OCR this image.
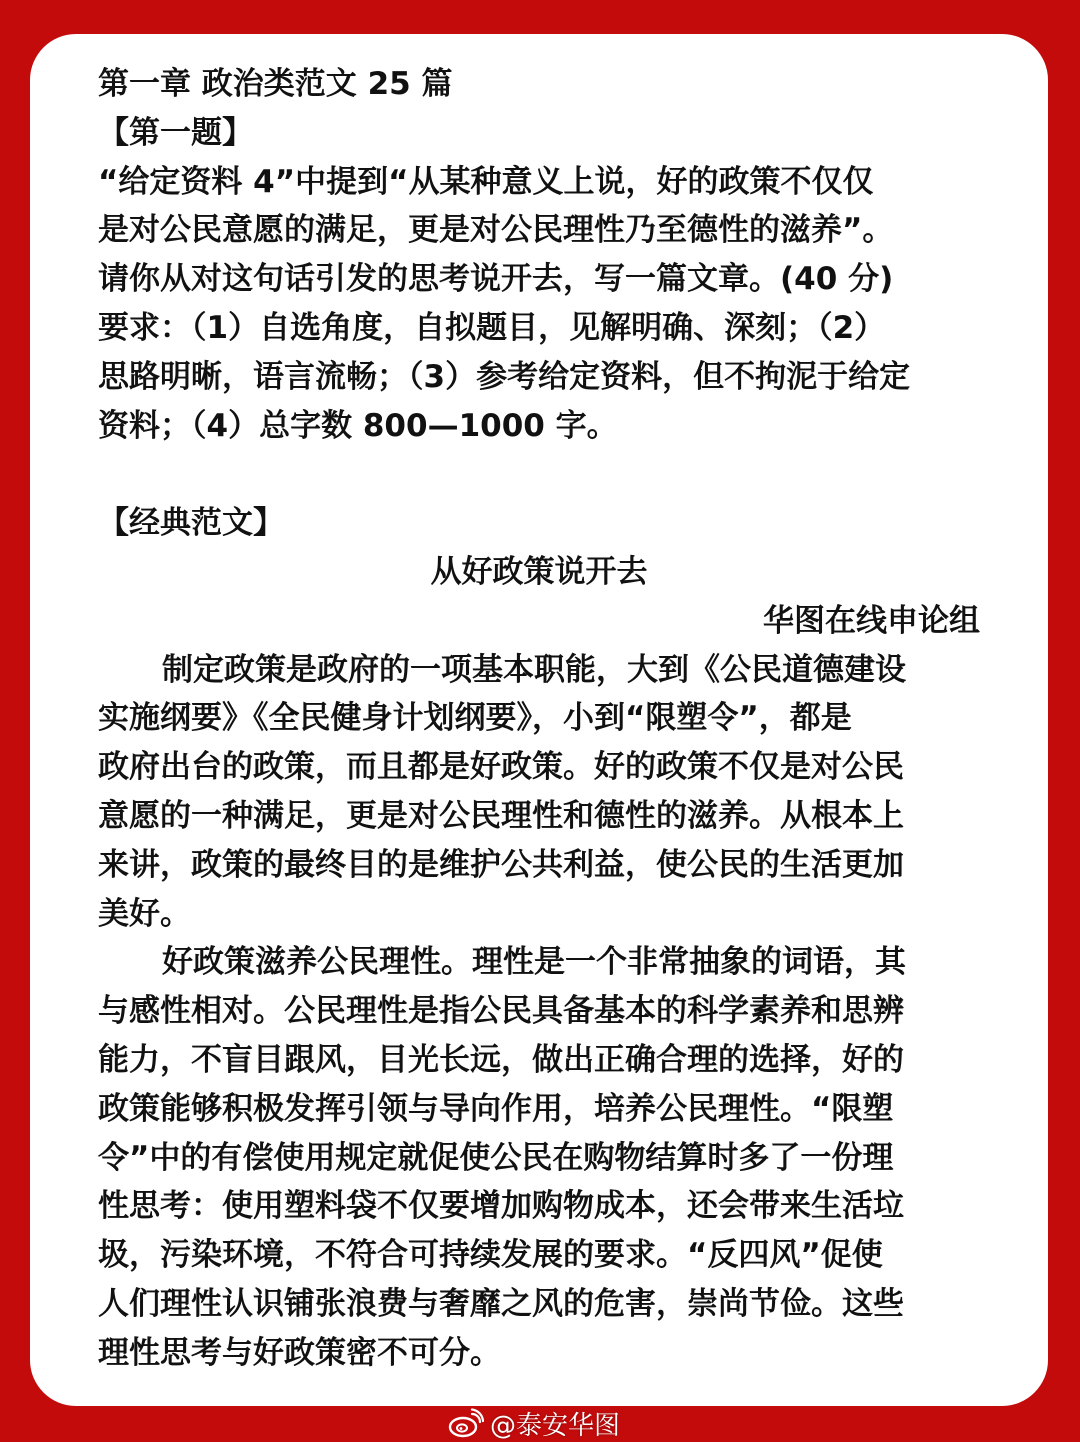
第一章 政治类范文 25 篇
【第一题】
“给定资料 4”中提到“从某种意义上说，好的政策不仅仅
是对公民意愿的满足，更是对公民理性乃至德性的滋养”。
请你从对这句话引发的思考说开去，写一篇文章。(40 分)
要求：（1）自选角度，自拟题目，见解明确、深刻；（2）
思路明晰，语言流畅；（3）参考给定资料，但不拘泥于给定
资料；（4）总字数 800—1000 字。
【经典范文】
从好政策说开去
华图在线申论组
制定政策是政府的一项基本职能，大到《公民道德建设
实施纲要》《全民健身计划纲要》，小到“限塑令”，都是
政府出台的政策，而且都是好政策。好的政策不仅是对公民
意愿的一种满足，更是对公民理性和德性的滋养。从根本上
来讲，政策的最终目的是维护公共利益，使公民的生活更加
美好。
好政策滋养公民理性。理性是一个非常抽象的词语，其
与感性相对。公民理性是指公民具备基本的科学素养和思辨
能力，不盲目跟风，目光长远，做出正确合理的选择，好的
政策能够积极发挥引领与导向作用，培养公民理性。“限塑
令”中的有偿使用规定就促使公民在购物结算时多了一份理
性思考：使用塑料袋不仅要增加购物成本，还会带来生活垃
圾，污染环境，不符合可持续发展的要求。“反四风”促使
人们理性认识铺张浪费与奢靡之风的危害，崇尚节俭。这些
理性思考与好政策密不可分。
@泰安华图
